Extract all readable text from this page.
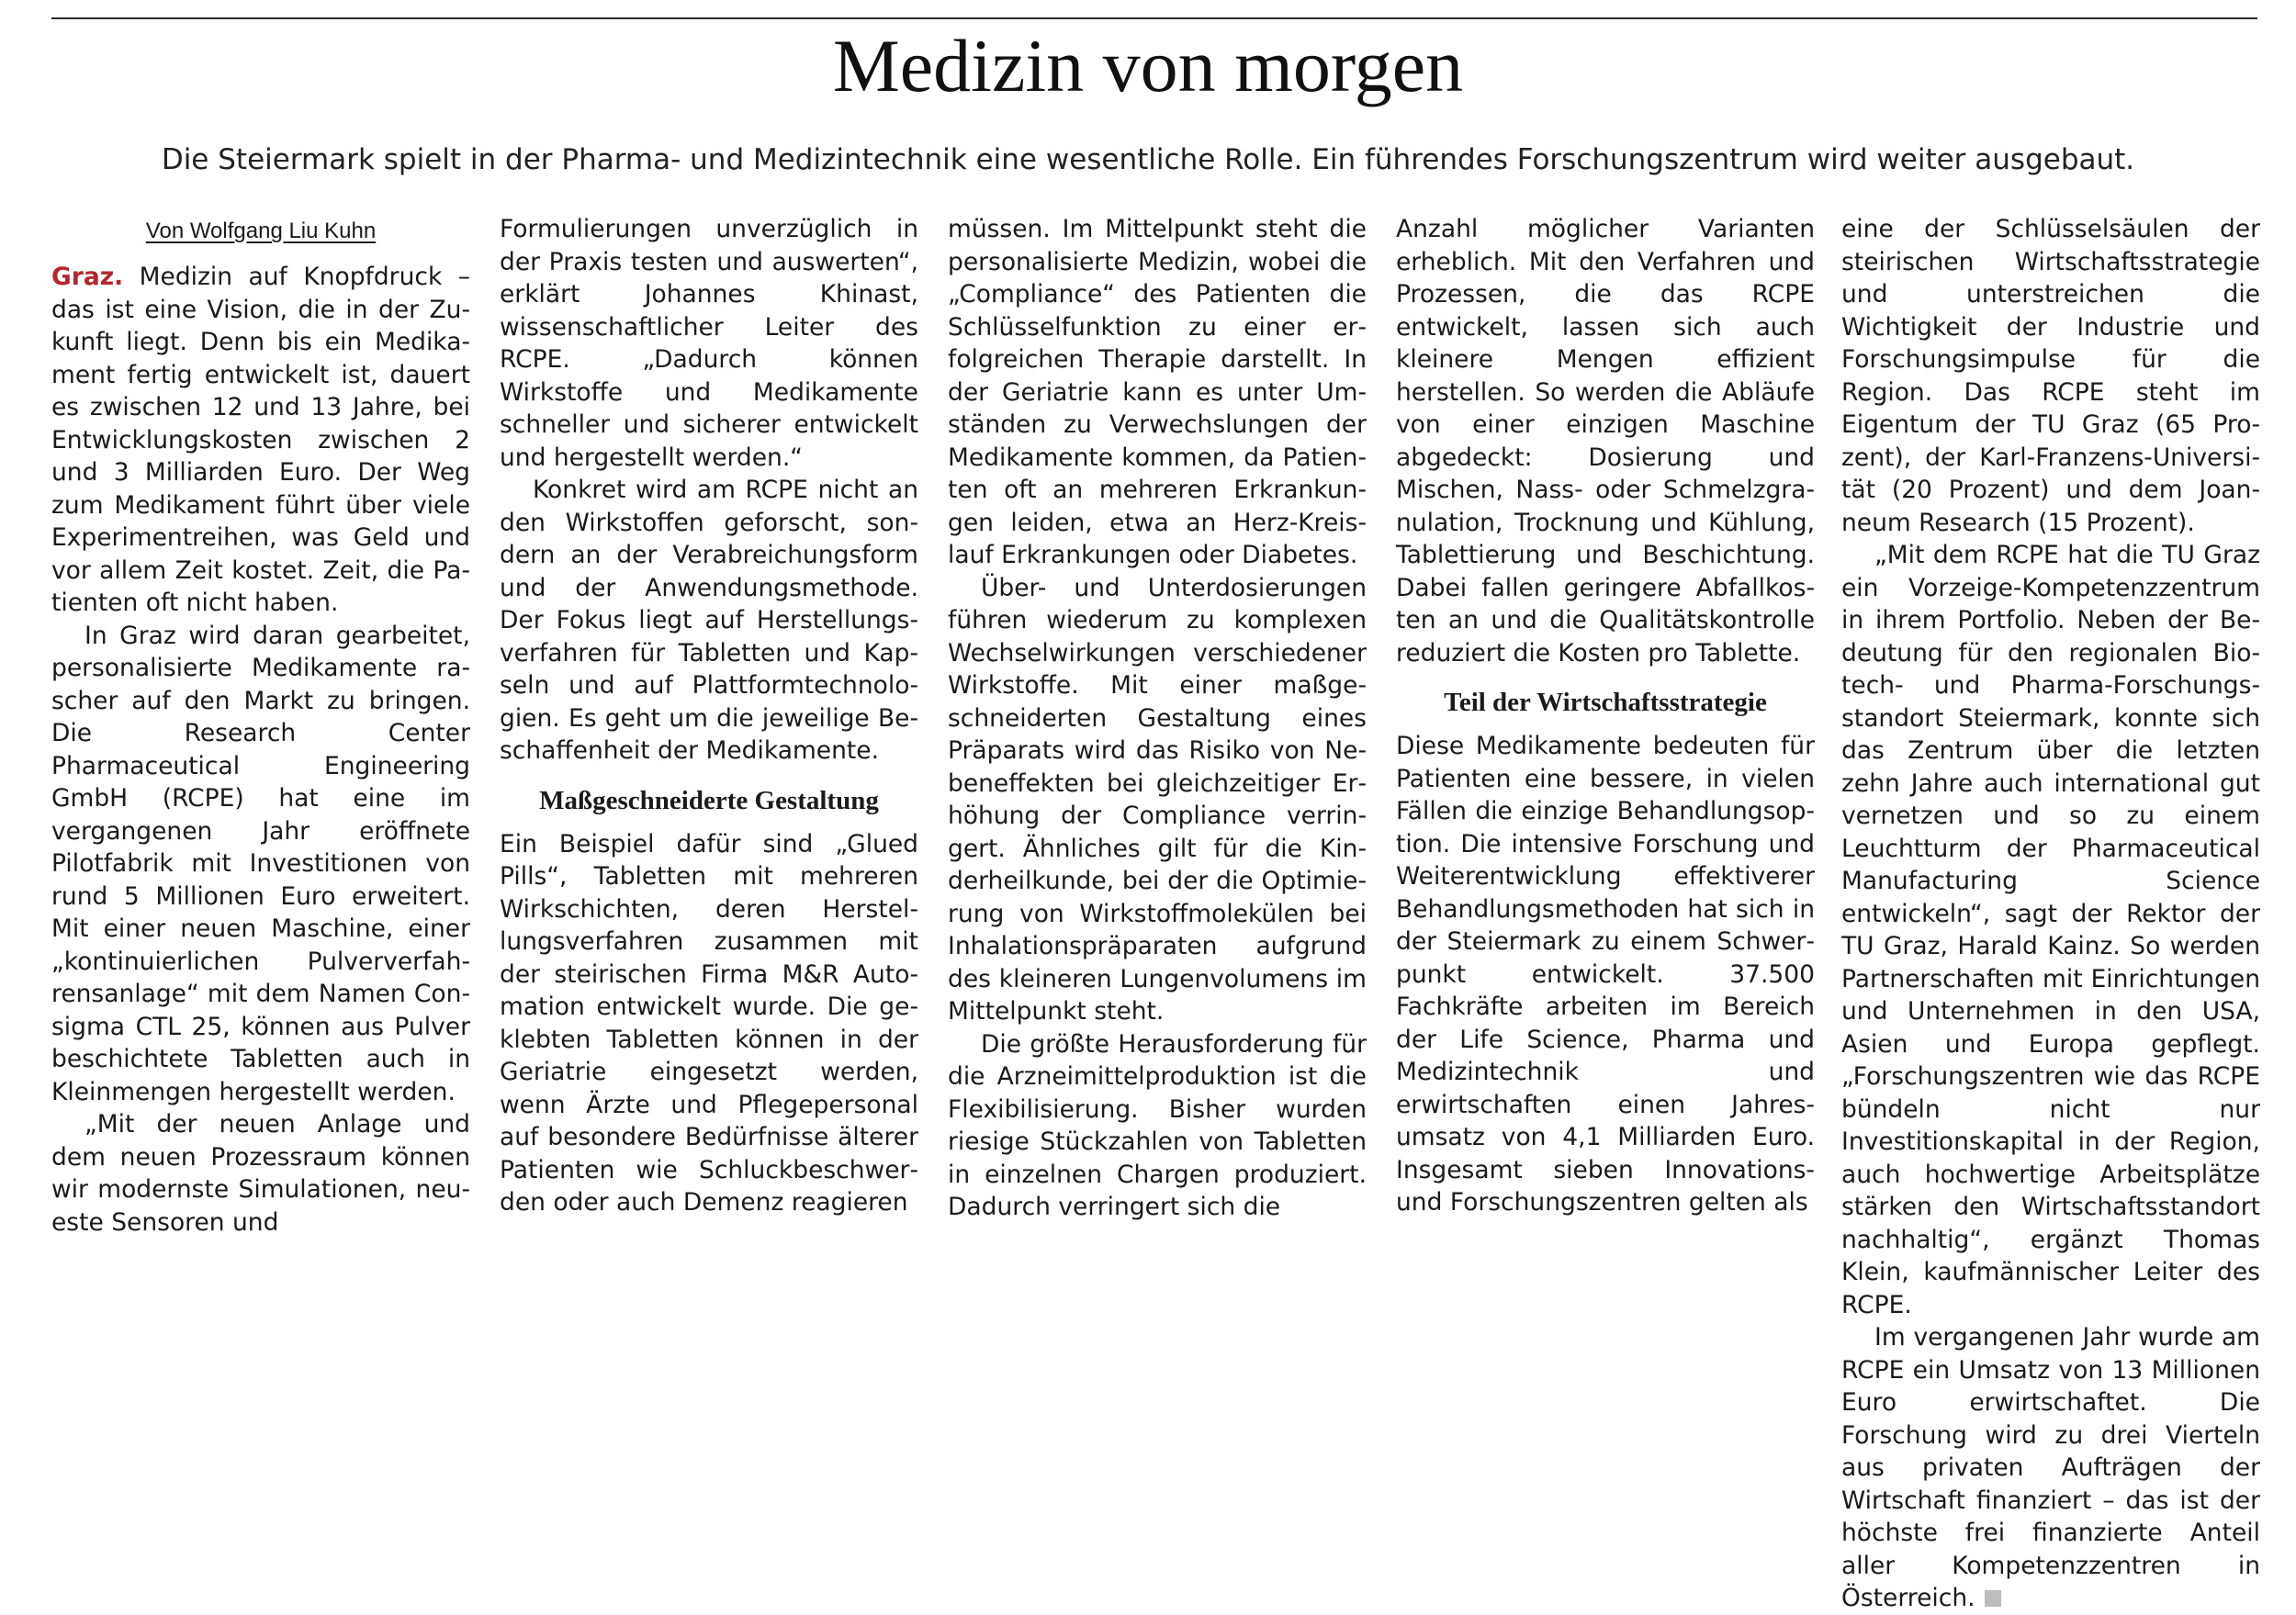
Medizin von morgen

Die Steiermark spielt in der Pharma- und Medizintechnik eine wesentliche Rolle. Ein führendes Forschungszentrum wird weiter ausgebaut.

Von Wolfgang Liu Kuhn

Graz. Medizin auf Knopfdruck – das ist eine Vision, die in der Zukunft liegt. Denn bis ein Medikament fertig entwickelt ist, dauert es zwischen 12 und 13 Jahre, bei Entwicklungskosten zwischen 2 und 3 Milliarden Euro. Der Weg zum Medikament führt über viele Experimentreihen, was Geld und vor allem Zeit kostet. Zeit, die Patienten oft nicht haben.

In Graz wird daran gearbeitet, personalisierte Medikamente rascher auf den Markt zu bringen. Die Research Center Pharmaceutical Engineering GmbH (RCPE) hat eine im vergangenen Jahr eröffnete Pilotfabrik mit Investitionen von rund 5 Millionen Euro erweitert. Mit einer neuen Maschine, einer „kontinuierlichen Pulververfahrensanlage“ mit dem Namen Consigma CTL 25, können aus Pulver beschichtete Tabletten auch in Kleinmengen hergestellt werden.

„Mit der neuen Anlage und dem neuen Prozessraum können wir modernste Simulationen, neueste Sensoren und

Formulierungen unverzüglich in der Praxis testen und auswerten“, erklärt Johannes Khinast, wissenschaftlicher Leiter des RCPE. „Dadurch können Wirkstoffe und Medikamente schneller und sicherer entwickelt und hergestellt werden.“

Konkret wird am RCPE nicht an den Wirkstoffen geforscht, sondern an der Verabreichungsform und der Anwendungsmethode. Der Fokus liegt auf Herstellungsverfahren für Tabletten und Kapseln und auf Plattformtechnologien. Es geht um die jeweilige Beschaffenheit der Medikamente.

Maßgeschneiderte Gestaltung

Ein Beispiel dafür sind „Glued Pills“, Tabletten mit mehreren Wirkschichten, deren Herstellungsverfahren zusammen mit der steirischen Firma M&R Automation entwickelt wurde. Die geklebten Tabletten können in der Geriatrie eingesetzt werden, wenn Ärzte und Pflegepersonal auf besondere Bedürfnisse älterer Patienten wie Schluckbeschwerden oder auch Demenz reagieren

müssen. Im Mittelpunkt steht die personalisierte Medizin, wobei die „Compliance“ des Patienten die Schlüsselfunktion zu einer erfolgreichen Therapie darstellt. In der Geriatrie kann es unter Umständen zu Verwechslungen der Medikamente kommen, da Patienten oft an mehreren Erkrankungen leiden, etwa an Herz-Kreislauf Erkrankungen oder Diabetes.

Über- und Unterdosierungen führen wiederum zu komplexen Wechselwirkungen verschiedener Wirkstoffe. Mit einer maßgeschneiderten Gestaltung eines Präparats wird das Risiko von Nebeneffekten bei gleichzeitiger Erhöhung der Compliance verringert. Ähnliches gilt für die Kinderheilkunde, bei der die Optimierung von Wirkstoffmolekülen bei Inhalationspräparaten aufgrund des kleineren Lungenvolumens im Mittelpunkt steht.

Die größte Herausforderung für die Arzneimittelproduktion ist die Flexibilisierung. Bisher wurden riesige Stückzahlen von Tabletten in einzelnen Chargen produziert. Dadurch verringert sich die

Anzahl möglicher Varianten erheblich. Mit den Verfahren und Prozessen, die das RCPE entwickelt, lassen sich auch kleinere Mengen effizient herstellen. So werden die Abläufe von einer einzigen Maschine abgedeckt: Dosierung und Mischen, Nass- oder Schmelzgranulation, Trocknung und Kühlung, Tablettierung und Beschichtung. Dabei fallen geringere Abfallkosten an und die Qualitätskontrolle reduziert die Kosten pro Tablette.

Teil der Wirtschaftsstrategie

Diese Medikamente bedeuten für Patienten eine bessere, in vielen Fällen die einzige Behandlungsoption. Die intensive Forschung und Weiterentwicklung effektiverer Behandlungsmethoden hat sich in der Steiermark zu einem Schwerpunkt entwickelt. 37.500 Fachkräfte arbeiten im Bereich der Life Science, Pharma und Medizintechnik und erwirtschaften einen Jahresumsatz von 4,1 Milliarden Euro. Insgesamt sieben Innovations- und Forschungszentren gelten als

eine der Schlüsselsäulen der steirischen Wirtschaftsstrategie und unterstreichen die Wichtigkeit der Industrie und Forschungsimpulse für die Region. Das RCPE steht im Eigentum der TU Graz (65 Prozent), der Karl-Franzens-Universität (20 Prozent) und dem Joanneum Research (15 Prozent).

„Mit dem RCPE hat die TU Graz ein Vorzeige-Kompetenzzentrum in ihrem Portfolio. Neben der Bedeutung für den regionalen Biotech- und Pharma-Forschungsstandort Steiermark, konnte sich das Zentrum über die letzten zehn Jahre auch international gut vernetzen und so zu einem Leuchtturm der Pharmaceutical Manufacturing Science entwickeln“, sagt der Rektor der TU Graz, Harald Kainz. So werden Partnerschaften mit Einrichtungen und Unternehmen in den USA, Asien und Europa gepflegt. „Forschungszentren wie das RCPE bündeln nicht nur Investitionskapital in der Region, auch hochwertige Arbeitsplätze stärken den Wirtschaftsstandort nachhaltig“, ergänzt Thomas Klein, kaufmännischer Leiter des RCPE.

Im vergangenen Jahr wurde am RCPE ein Umsatz von 13 Millionen Euro erwirtschaftet. Die Forschung wird zu drei Vierteln aus privaten Aufträgen der Wirtschaft finanziert – das ist der höchste frei finanzierte Anteil aller Kompetenzzentren in Österreich.
